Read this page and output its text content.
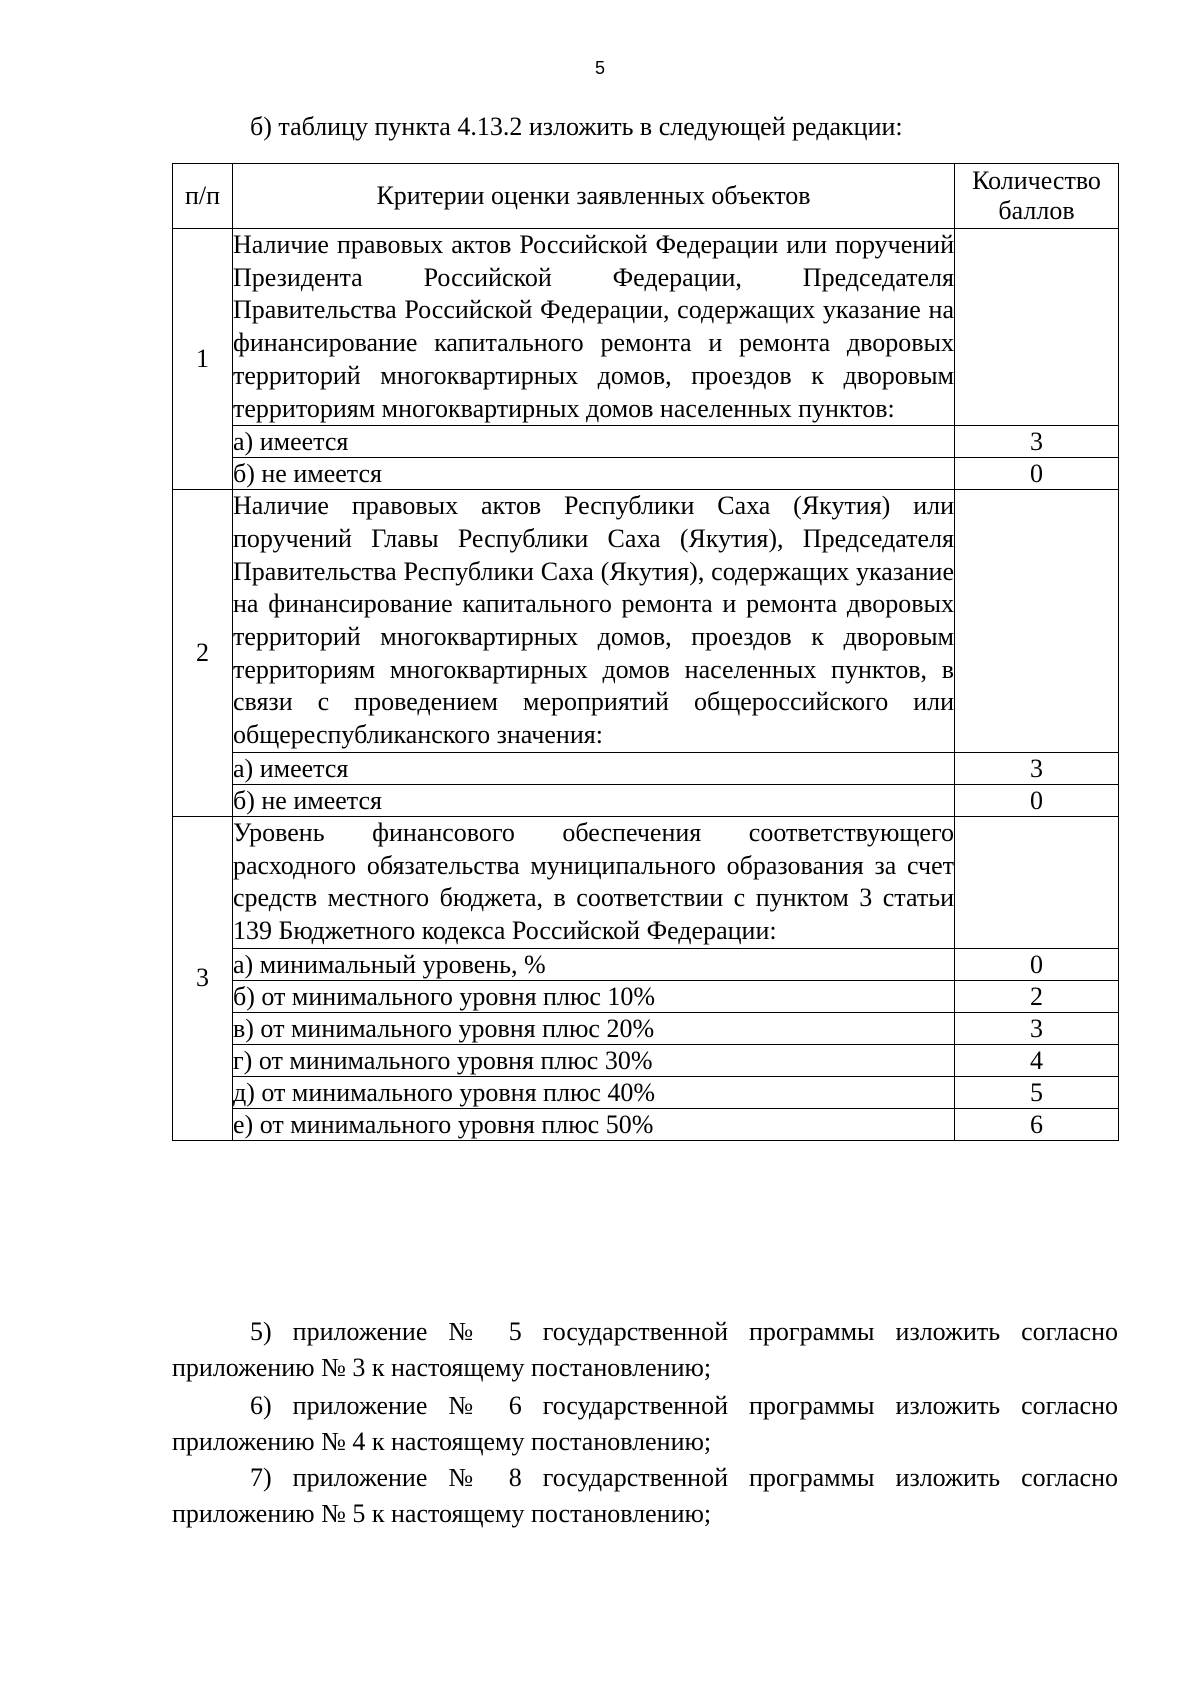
5
б) таблицу пункта 4.13.2 изложить в следующей редакции:
п/п	Критерии оценки заявленных объектов	Количество баллов
1	Наличие правовых актов Российской Федерации или поручений Президента Российской Федерации, Председателя Правительства Российской Федерации, содержащих указание на финансирование капитального ремонта и ремонта дворовых территорий многоквартирных домов, проездов к дворовым территориям многоквартирных домов населенных пунктов:	
	а) имеется	3
	б) не имеется	0
2	Наличие правовых актов Республики Саха (Якутия) или поручений Главы Республики Саха (Якутия), Председателя Правительства Республики Саха (Якутия), содержащих указание на финансирование капитального ремонта и ремонта дворовых территорий многоквартирных домов, проездов к дворовым территориям многоквартирных домов населенных пунктов, в связи с проведением мероприятий общероссийского или общереспубликанского значения:	
	а) имеется	3
	б) не имеется	0
3	Уровень финансового обеспечения соответствующего расходного обязательства муниципального образования за счет средств местного бюджета, в соответствии с пунктом 3 статьи 139 Бюджетного кодекса Российской Федерации:	
	а) минимальный уровень, %	0
	б) от минимального уровня плюс 10%	2
	в) от минимального уровня плюс 20%	3
	г) от минимального уровня плюс 30%	4
	д) от минимального уровня плюс 40%	5
	е) от минимального уровня плюс 50%	6
5) приложение № 5 государственной программы изложить согласно приложению № 3 к настоящему постановлению;
6) приложение № 6 государственной программы изложить согласно приложению № 4 к настоящему постановлению;
7) приложение № 8 государственной программы изложить согласно приложению № 5 к настоящему постановлению;
